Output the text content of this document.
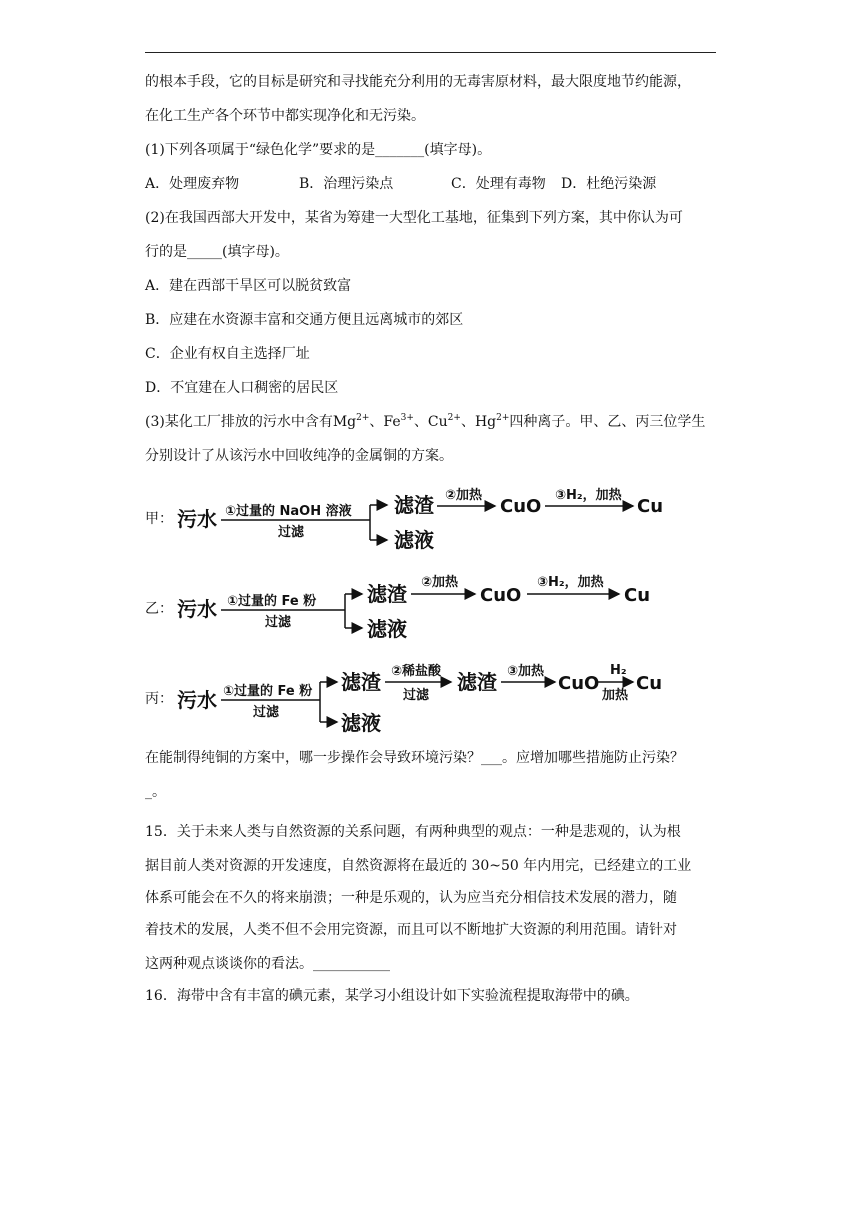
的根本手段，它的目标是研究和寻找能充分利用的无毒害原材料，最大限度地节约能源，
在化工生产各个环节中都实现净化和无污染。
(1)下列各项属于“绿色化学”要求的是_______(填字母)。
A．处理废弃物	B．治理污染点	C．处理有毒物 D．杜绝污染源
(2)在我国西部大开发中，某省为筹建一大型化工基地，征集到下列方案，其中你认为可
行的是_____(填字母)。
A．建在西部干旱区可以脱贫致富
B．应建在水资源丰富和交通方便且远离城市的郊区
C．企业有权自主选择厂址
D．不宜建在人口稠密的居民区
(3)某化工厂排放的污水中含有$Mg^{2+}$、$Fe^{3+}$、$Cu^{2+}$、$Hg^{2+}$四种离子。甲、乙、丙三位学生
分别设计了从该污水中回收纯净的金属铜的方案。
甲： 污水 ①过量的 NaOH 溶液
过滤
滤渣
滤液
②加热
CuO
③H₂，加热
Cu
乙： 污水 ①过量的 Fe 粉
过滤
滤渣
滤液
②加热
CuO
③H₂，加热
Cu
丙： 污水 ①过量的 Fe 粉
过滤
滤渣
滤液
②稀盐酸
过滤
滤渣 ③加热
CuO
H₂
加热
Cu
在能制得纯铜的方案中，哪一步操作会导致环境污染？___。应增加哪些措施防止污染？
_。
15．关于未来人类与自然资源的关系问题，有两种典型的观点：一种是悲观的，认为根
据目前人类对资源的开发速度，自然资源将在最近的 30~50 年内用完，已经建立的工业
体系可能会在不久的将来崩溃；一种是乐观的，认为应当充分相信技术发展的潜力，随
着技术的发展，人类不但不会用完资源，而且可以不断地扩大资源的利用范围。请针对
这两种观点谈谈你的看法。___________
16．海带中含有丰富的碘元素，某学习小组设计如下实验流程提取海带中的碘。
